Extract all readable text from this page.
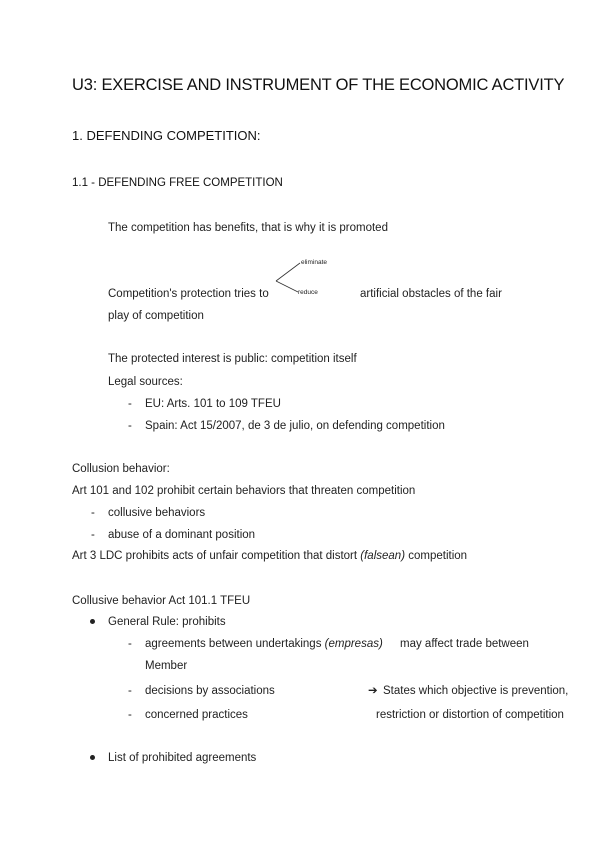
U3: EXERCISE AND INSTRUMENT OF THE ECONOMIC ACTIVITY
1. DEFENDING COMPETITION:
1.1 - DEFENDING FREE COMPETITION
The competition has benefits, that is why it is promoted
Competition's protection tries to
eliminate
reduce	artificial obstacles of the fair
play of competition
The protected interest is public: competition itself
Legal sources:
- EU: Arts. 101 to 109 TFEU
- Spain: Act 15/2007, de 3 de julio, on defending competition
Collusion behavior:
Art 101 and 102 prohibit certain behaviors that threaten competition
- collusive behaviors
- abuse of a dominant position
Art 3 LDC prohibits acts of unfair competition that distort (falsean) competition
Collusive behavior Act 101.1 TFEU
General Rule: prohibits
- agreements between undertakings (empresas) may affect trade between
Member
- decisions by associations	➔ States which objective is prevention,
- concerned practices	restriction or distortion of competition
List of prohibited agreements
